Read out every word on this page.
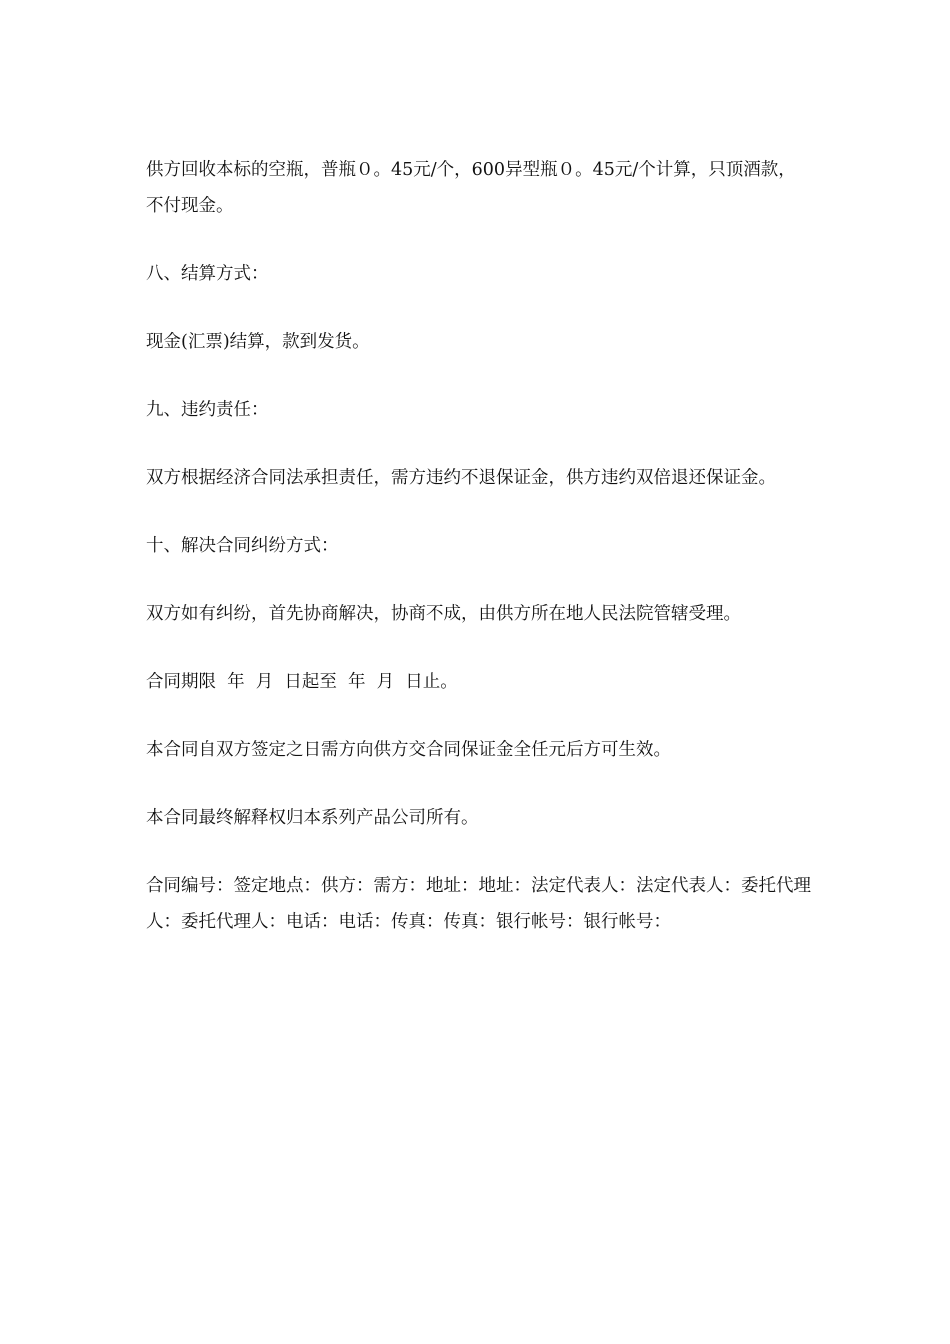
供方回收本标的空瓶，普瓶０。45元/个，600异型瓶０。45元/个计算，只顶酒款，不付现金。

八、结算方式：

现金(汇票)结算，款到发货。

九、违约责任：

双方根据经济合同法承担责任，需方违约不退保证金，供方违约双倍退还保证金。

十、解决合同纠纷方式：

双方如有纠纷，首先协商解决，协商不成，由供方所在地人民法院管辖受理。

合同期限  年  月  日起至  年  月  日止。

本合同自双方签定之日需方向供方交合同保证金全任元后方可生效。

本合同最终解释权归本系列产品公司所有。

合同编号：签定地点：供方：需方：地址：地址：法定代表人：法定代表人：委托代理人：委托代理人：电话：电话：传真：传真：银行帐号：银行帐号：
